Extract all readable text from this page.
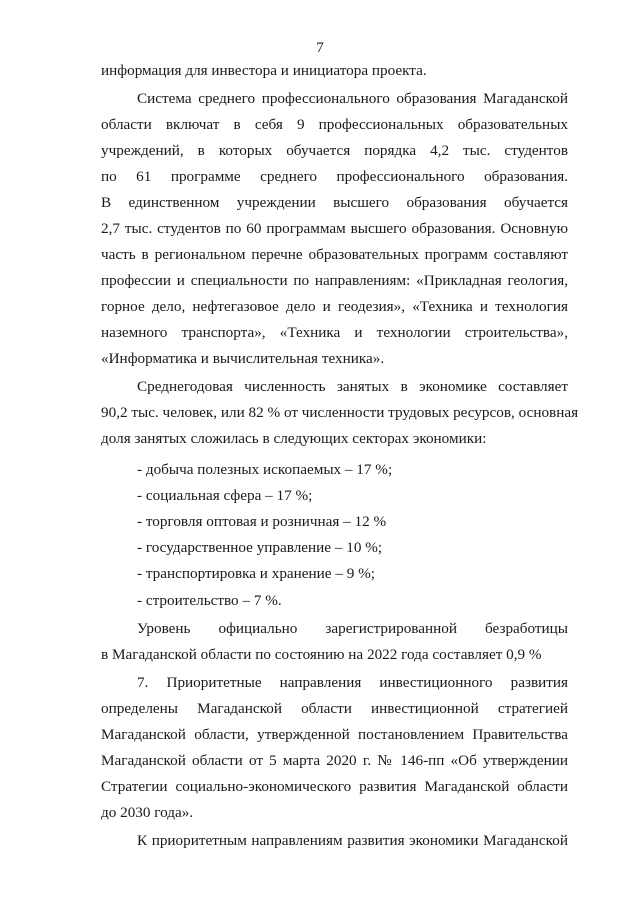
7
информация для инвестора и инициатора проекта.
Система среднего профессионального образования Магаданской
области включат в себя 9 профессиональных образовательных
учреждений, в которых обучается порядка 4,2 тыс. студентов
по 61 программе среднего профессионального образования.
В единственном учреждении высшего образования обучается
2,7 тыс. студентов по 60 программам высшего образования. Основную
часть в региональном перечне образовательных программ составляют
профессии и специальности по направлениям: «Прикладная геология,
горное дело, нефтегазовое дело и геодезия», «Техника и технология
наземного транспорта», «Техника и технологии строительства»,
«Информатика и вычислительная техника».
Среднегодовая численность занятых в экономике составляет
90,2 тыс. человек, или 82 % от численности трудовых ресурсов, основная
доля занятых сложилась в следующих секторах экономики:
- добыча полезных ископаемых – 17 %;
- социальная сфера – 17 %;
- торговля оптовая и розничная – 12 %
- государственное управление – 10 %;
- транспортировка и хранение – 9 %;
- строительство – 7 %.
Уровень официально зарегистрированной безработицы
в Магаданской области по состоянию на 2022 года составляет 0,9 %
7. Приоритетные направления инвестиционного развития
определены Магаданской области инвестиционной стратегией
Магаданской области, утвержденной постановлением Правительства
Магаданской области от 5 марта 2020 г. № 146-пп «Об утверждении
Стратегии социально-экономического развития Магаданской области
до 2030 года».
К приоритетным направлениям развития экономики Магаданской
